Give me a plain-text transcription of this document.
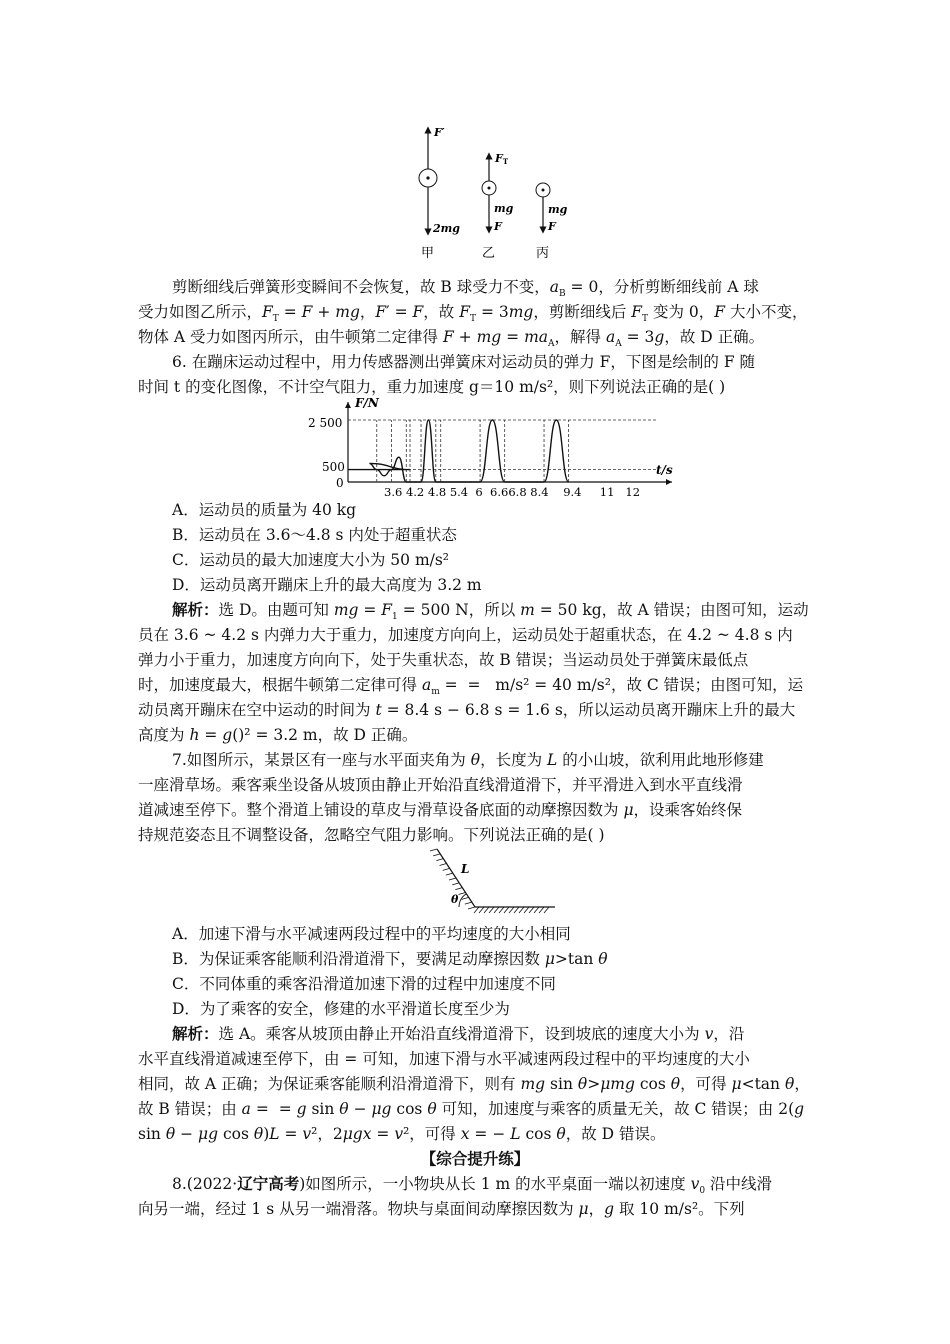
F′
2mg
甲
FT
mg
F
乙
mg
F
丙
剪断细线后弹簧形变瞬间不会恢复，故 B 球受力不变，$a_B = 0$，分析剪断细线前 A 球
受力如图乙所示，$F_T = F$ + mg，F′ = F，故 $F_T = 3mg$，剪断细线后 $F_T$ 变为 0，F 大小不变，
物体 A 受力如图丙所示，由牛顿第二定律得 F + mg = $ma_A$，解得 $a_A = 3g$，故 D 正确。
6. 在蹦床运动过程中，用力传感器测出弹簧床对运动员的弹力 F，下图是绘制的 F 随
时间 t 的变化图像，不计空气阻力，重力加速度 g＝10 m/s²，则下列说法正确的是( )
F/N
t/s
2 500
500
0
3.6 4.2 4.8 5.4  6  6.66.8 8.4    9.4     11   12
A．运动员的质量为 40 kg
B．运动员在 3.6～4.8 s 内处于超重状态
C．运动员的最大加速度大小为 50 m/s²
D．运动员离开蹦床上升的最大高度为 3.2 m
解析：选 D。由题可知 mg = $F_1 = 500$ N，所以 m = 50 kg，故 A 错误；由图可知，运动
员在 3.6 ~ 4.2 s 内弹力大于重力，加速度方向向上，运动员处于超重状态，在 4.2 ~ 4.8 s 内
弹力小于重力，加速度方向向下，处于失重状态，故 B 错误；当运动员处于弹簧床最低点
时，加速度最大，根据牛顿第二定律可得 $a_m$ =  =   m/s² = 40 m/s²，故 C 错误；由图可知，运
动员离开蹦床在空中运动的时间为 t = 8.4 s − 6.8 s = 1.6 s，所以运动员离开蹦床上升的最大
高度为 h = g()² = 3.2 m，故 D 正确。
7.如图所示，某景区有一座与水平面夹角为 θ，长度为 L 的小山坡，欲利用此地形修建
一座滑草场。乘客乘坐设备从坡顶由静止开始沿直线滑道滑下，并平滑进入到水平直线滑
道减速至停下。整个滑道上铺设的草皮与滑草设备底面的动摩擦因数为 μ，设乘客始终保
持规范姿态且不调整设备，忽略空气阻力影响。下列说法正确的是( )
L
θ
A．加速下滑与水平减速两段过程中的平均速度的大小相同
B．为保证乘客能顺利沿滑道滑下，要满足动摩擦因数 μ>tan θ
C．不同体重的乘客沿滑道加速下滑的过程中加速度不同
D．为了乘客的安全，修建的水平滑道长度至少为
解析：选 A。乘客从坡顶由静止开始沿直线滑道滑下，设到坡底的速度大小为 v，沿
水平直线滑道减速至停下，由 = 可知，加速下滑与水平减速两段过程中的平均速度的大小
相同，故 A 正确；为保证乘客能顺利沿滑道滑下，则有 mg sin θ>μmg cos θ，可得 μ<tan θ，
故 B 错误；由 a =  = g sin θ − μg cos θ 可知，加速度与乘客的质量无关，故 C 错误；由 2(g
sin θ − μg cos θ)L = v²，2μgx = v²，可得 x = − L cos θ，故 D 错误。
【综合提升练】
8.(2022·辽宁高考)如图所示，一小物块从长 1 m 的水平桌面一端以初速度 $v_0$ 沿中线滑
向另一端，经过 1 s 从另一端滑落。物块与桌面间动摩擦因数为 μ，g 取 10 m/s²。下列
